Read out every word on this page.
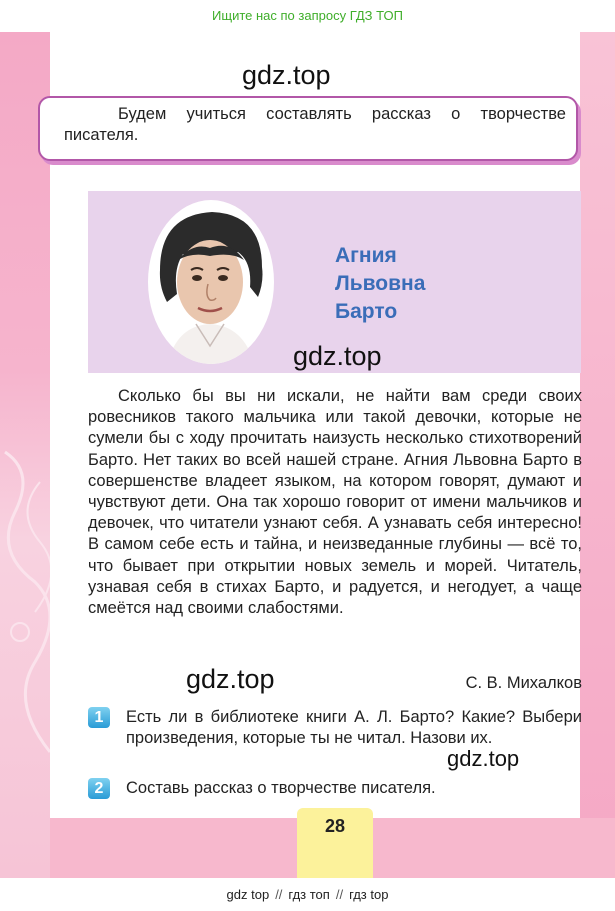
Ищите нас по запросу ГДЗ ТОП
28
gdz.top
Будем учиться составлять рассказ о творчестве писателя.
Агния
Львовна
Барто
gdz.top

Сколько бы вы ни искали, не найти вам среди своих ровесников такого мальчика или такой девочки, которые не сумели бы с ходу прочитать наизусть несколько стихотворений Барто. Нет таких во всей нашей стране. Агния Львовна Барто в совершенстве владеет языком, на котором говорят, думают и чувствуют дети. Она так хорошо говорит от имени мальчиков и девочек, что читатели узнают себя. А узнавать себя интересно! В самом себе есть и тайна, и неизведанные глубины — всё то, что бывает при открытии новых земель и морей. Читатель, узнавая себя в стихах Барто, и радуется, и негодует, а чаще смеётся над своими слабостями.

gdz.top	С. В. Михалков
1	Есть ли в библиотеке книги А. Л. Барто? Какие? Выбери произведения, которые ты не читал. Назови их.
gdz.top
2	Составь рассказ о творчестве писателя.
gdz top // гдз топ // гдз top
